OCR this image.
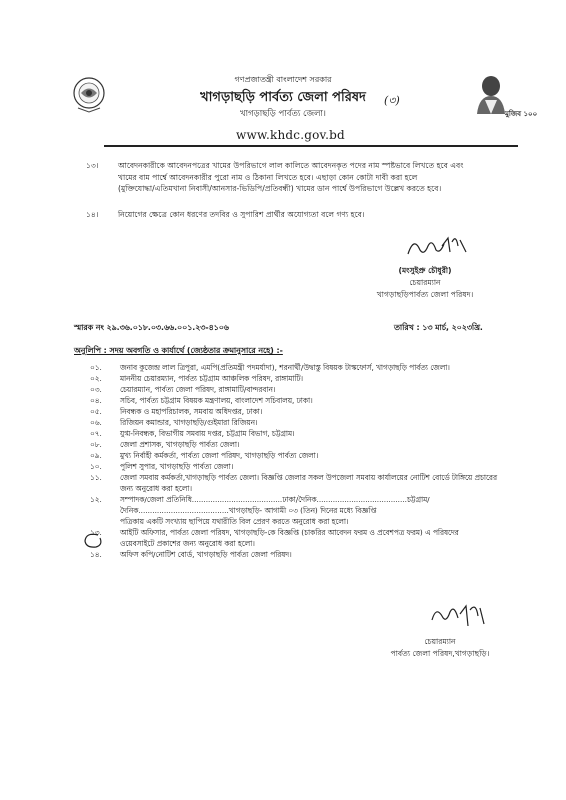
গণপ্রজাতন্ত্রী বাংলাদেশ সরকার
খাগড়াছড়ি পার্বত্য জেলা পরিষদ
খাগড়াছড়ি পার্বত্য জেলা।
(৩)
মুজিব ১০০
www.khdc.gov.bd
১৩।	আবেদনকারীকে আবেদনপত্রের খামের উপরিভাগে লাল কালিতে আবেদনকৃত পদের নাম স্পষ্টভাবে লিখতে হবে এবং
খামের বাম পার্শ্বে আবেদনকারীর পুরো নাম ও ঠিকানা লিখতে হবে। এছাড়া কোন কোটা দাবী করা হলে
(মুক্তিযোদ্ধা/এতিমখানা নিবাসী/আনসার-ভিডিপি/প্রতিবন্ধী) খামের ডান পার্শ্বে উপরিভাগে উল্লেখ করতে হবে।
১৪।	নিয়োগের ক্ষেত্রে কোন ধরণের তদবির ও সুপারিশ প্রার্থীর অযোগ্যতা বলে গণ্য হবে।
(মংসুইপ্রু চৌধুরী)
চেয়ারম্যান
খাগড়াছড়িপার্বত্য জেলা পরিষদ।
স্মারক নং ২৯.৩৬.০১৮.০৩.৬৬.০০১.২৩-৪১০৬	তারিখ : ১৩ মার্চ, ২০২৩খ্রি.
অনুলিপি : সদয় অবগতি ও কার্যার্থে (জ্যেষ্ঠতার ক্রমানুসারে নহে) :-
০১. জনাব কুজেন্দ্র লাল ত্রিপুরা, এমপি(প্রতিমন্ত্রী পদমর্যাদা), শরনার্থী/উদ্বাস্তু বিষয়ক টাস্কফোর্স, খাগড়াছড়ি পার্বত্য জেলা।
০২. মাননীয় চেয়ারম্যান, পার্বত্য চট্টগ্রাম আঞ্চলিক পরিষদ, রাঙ্গামাটি।
০৩. চেয়ারম্যান, পার্বত্য জেলা পরিষদ, রাঙ্গামাটি/বান্দরবান।
০৪. সচিব, পার্বত্য চট্টগ্রাম বিষয়ক মন্ত্রণালয়, বাংলাদেশ সচিবালয়, ঢাকা।
০৫. নিবন্ধক ও মহাপরিচালক, সমবায় অধিদপ্তর, ঢাকা।
০৬. রিজিয়ন কমান্ডার, খাগড়াছড়ি/গুইমারা রিজিয়ন।
০৭. যুগ্ম-নিবন্ধক, বিভাগীয় সমবায় দপ্তর, চট্টগ্রাম বিভাগ, চট্টগ্রাম।
০৮. জেলা প্রশাসক, খাগড়াছড়ি পার্বত্য জেলা।
০৯. মুখ্য নির্বাহী কর্মকর্তা, পার্বত্য জেলা পরিষদ, খাগড়াছড়ি পার্বত্য জেলা।
১০. পুলিশ সুপার, খাগড়াছড়ি পার্বত্য জেলা।
১১. জেলা সমবায় কর্মকর্তা,খাগড়াছড়ি পার্বত্য জেলা। বিজ্ঞপ্তি জেলার সকল উপজেলা সমবায় কার্যালয়ের নোটিশ বোর্ডে টাঙ্গিয়ে প্রচারের
জন্য অনুরোধ করা হলো।
১২. সম্পাদক/জেলা প্রতিনিধি.......................................ঢাকা/দৈনিক.......................................চট্টগ্রাম/
দৈনিক.......................................খাগড়াছড়ি- আগামী ০৩ (তিন) দিনের মধ্যে বিজ্ঞপ্তি
পত্রিকায় একটি সংখ্যায় ছাপিয়ে যথারীতি বিল প্রেরণ করতে অনুরোধ করা হলো।
১৩. আইটি অফিসার, পার্বত্য জেলা পরিষদ, খাগড়াছড়ি-কে বিজ্ঞপ্তি (চাকরির আবেদন ফরম ও প্রবেশপত্র ফরম) এ পরিষদের
ওয়েবসাইটে প্রকাশের জন্য অনুরোধ করা হলো।
১৪. অফিস কপি/নোটিশ বোর্ড, খাগড়াছড়ি পার্বত্য জেলা পরিষদ।
চেয়ারম্যান
পার্বত্য জেলা পরিষদ,খাগড়াছড়ি।
